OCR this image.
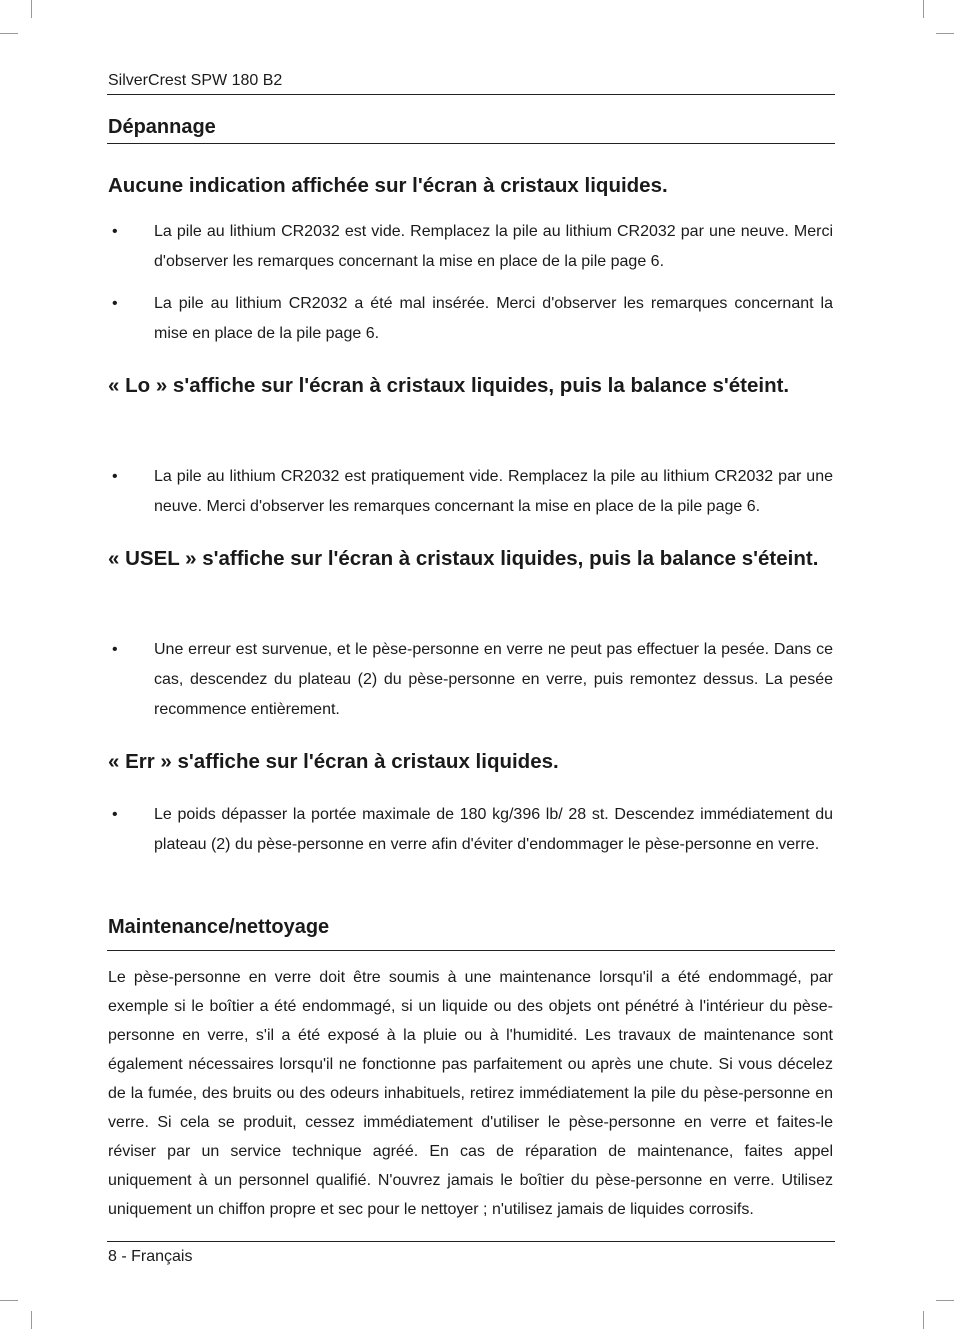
SilverCrest SPW 180 B2
Dépannage

Aucune indication affichée sur l'écran à cristaux liquides.

• La pile au lithium CR2032 est vide. Remplacez la pile au lithium CR2032 par une neuve. Merci d'observer les remarques concernant la mise en place de la pile page 6.

• La pile au lithium CR2032 a été mal insérée. Merci d'observer les remarques concernant la mise en place de la pile page 6.

« Lo » s'affiche sur l'écran à cristaux liquides, puis la balance s'éteint.

• La pile au lithium CR2032 est pratiquement vide. Remplacez la pile au lithium CR2032 par une neuve. Merci d'observer les remarques concernant la mise en place de la pile page 6.

« USEL » s'affiche sur l'écran à cristaux liquides, puis la balance s'éteint.

• Une erreur est survenue, et le pèse-personne en verre ne peut pas effectuer la pesée. Dans ce cas, descendez du plateau (2) du pèse-personne en verre, puis remontez dessus. La pesée recommence entièrement.

« Err » s'affiche sur l'écran à cristaux liquides.

• Le poids dépasser la portée maximale de 180 kg/396 lb/ 28 st. Descendez immédiatement du plateau (2) du pèse-personne en verre afin d'éviter d'endommager le pèse-personne en verre.

Maintenance/nettoyage

Le pèse-personne en verre doit être soumis à une maintenance lorsqu'il a été endommagé, par exemple si le boîtier a été endommagé, si un liquide ou des objets ont pénétré à l'intérieur du pèse-personne en verre, s'il a été exposé à la pluie ou à l'humidité. Les travaux de maintenance sont également nécessaires lorsqu'il ne fonctionne pas parfaitement ou après une chute. Si vous décelez de la fumée, des bruits ou des odeurs inhabituels, retirez immédiatement la pile du pèse-personne en verre. Si cela se produit, cessez immédiatement d'utiliser le pèse-personne en verre et faites-le réviser par un service technique agréé. En cas de réparation de maintenance, faites appel uniquement à un personnel qualifié. N'ouvrez jamais le boîtier du pèse-personne en verre. Utilisez uniquement un chiffon propre et sec pour le nettoyer ; n'utilisez jamais de liquides corrosifs.

8 - Français
